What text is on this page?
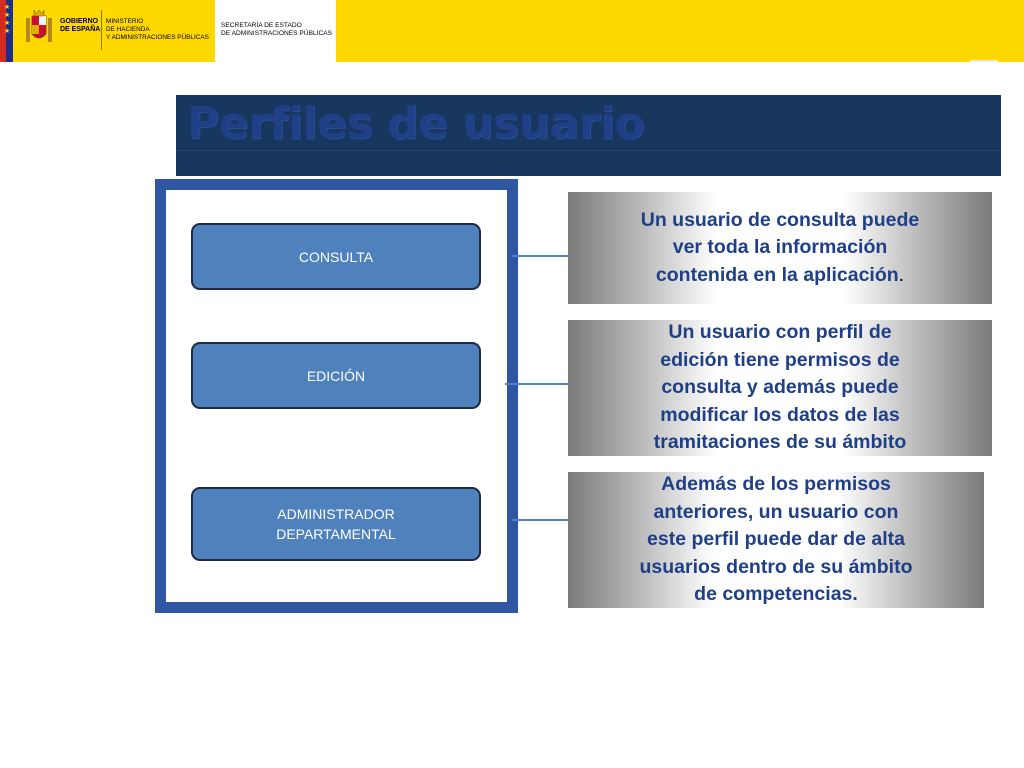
★
★
★
★
GOBIERNO
DE ESPAÑA
MINISTERIO
DE HACIENDA
Y ADMINISTRACIONES PÚBLICAS
SECRETARÍA DE ESTADO
DE ADMINISTRACIONES PÚBLICAS
Perfiles de usuario
CONSULTA
EDICIÓN
ADMINISTRADOR
DEPARTAMENTAL
Un usuario de consulta puede
ver toda la información
contenida en la aplicación.
Un usuario con perfil de
edición tiene permisos de
consulta y además puede
modificar los datos de las
tramitaciones de su ámbito
Además de los permisos
anteriores, un usuario con
este perfil puede dar de alta
usuarios dentro de su ámbito
de competencias.
